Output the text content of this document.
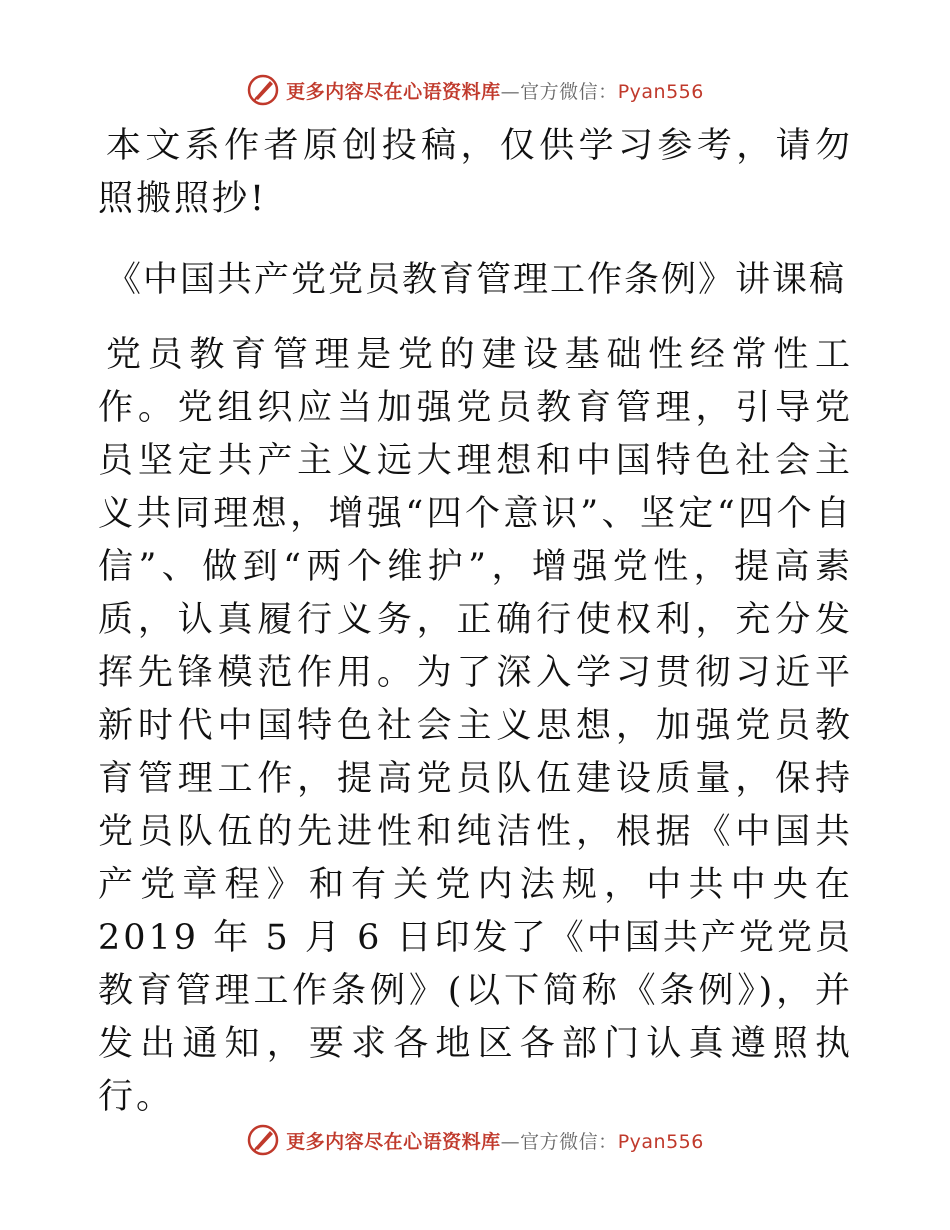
更多内容尽在心语资料库—官方微信：Pyan556

本文系作者原创投稿，仅供学习参考，请勿照搬照抄!

《中国共产党党员教育管理工作条例》讲课稿

党员教育管理是党的建设基础性经常性工作。党组织应当加强党员教育管理，引导党员坚定共产主义远大理想和中国特色社会主义共同理想，增强“四个意识”、坚定“四个自信”、做到“两个维护”，增强党性，提高素质，认真履行义务，正确行使权利，充分发挥先锋模范作用。为了深入学习贯彻习近平新时代中国特色社会主义思想，加强党员教育管理工作，提高党员队伍建设质量，保持党员队伍的先进性和纯洁性，根据《中国共产党章程》和有关党内法规，中共中央在 2019 年 5 月 6 日印发了《中国共产党党员教育管理工作条例》(以下简称《条例》)，并发出通知，要求各地区各部门认真遵照执行。

更多内容尽在心语资料库—官方微信：Pyan556
